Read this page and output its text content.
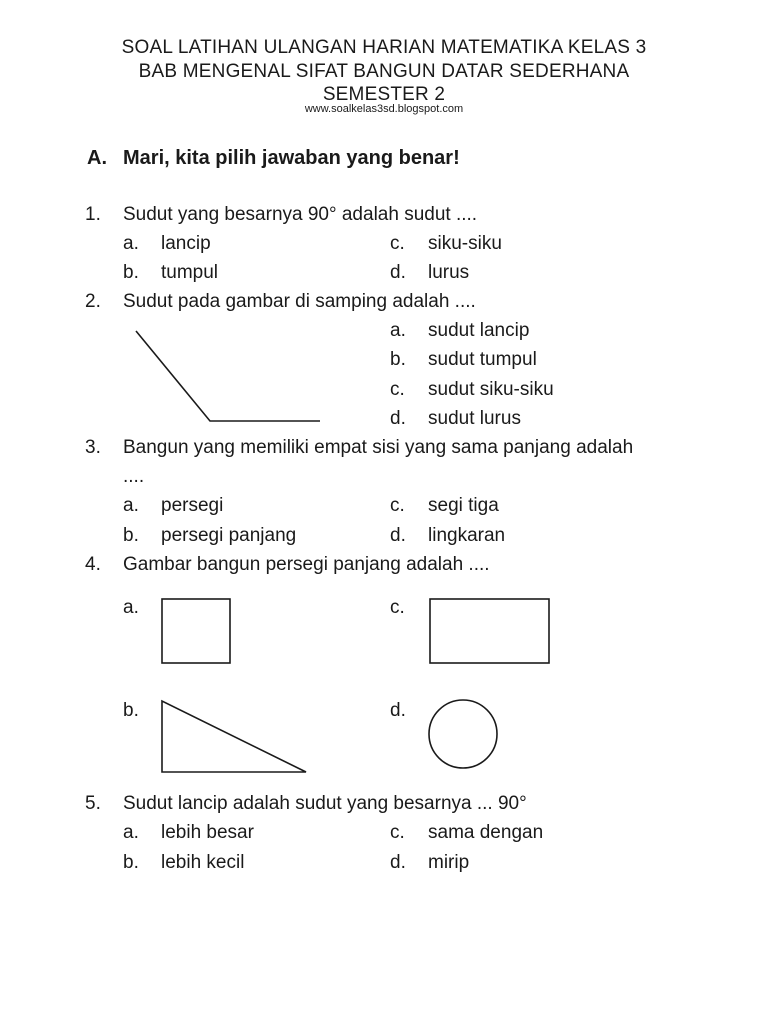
SOAL LATIHAN ULANGAN HARIAN MATEMATIKA KELAS 3
BAB MENGENAL SIFAT BANGUN DATAR SEDERHANA
SEMESTER 2
www.soalkelas3sd.blogspot.com
A. Mari, kita pilih jawaban yang benar!
1. Sudut yang besarnya 90° adalah sudut ....
a. lancip
b. tumpul
c. siku-siku
d. lurus
2. Sudut pada gambar di samping adalah ....
a. sudut lancip
b. sudut tumpul
c. sudut siku-siku
d. sudut lurus
3. Bangun yang memiliki empat sisi yang sama panjang adalah
....
a. persegi
b. persegi panjang
c. segi tiga
d. lingkaran
4. Gambar bangun persegi panjang adalah ....
a.	c.
b.	d.
5. Sudut lancip adalah sudut yang besarnya ... 90°
a. lebih besar
b. lebih kecil
c. sama dengan
d. mirip
